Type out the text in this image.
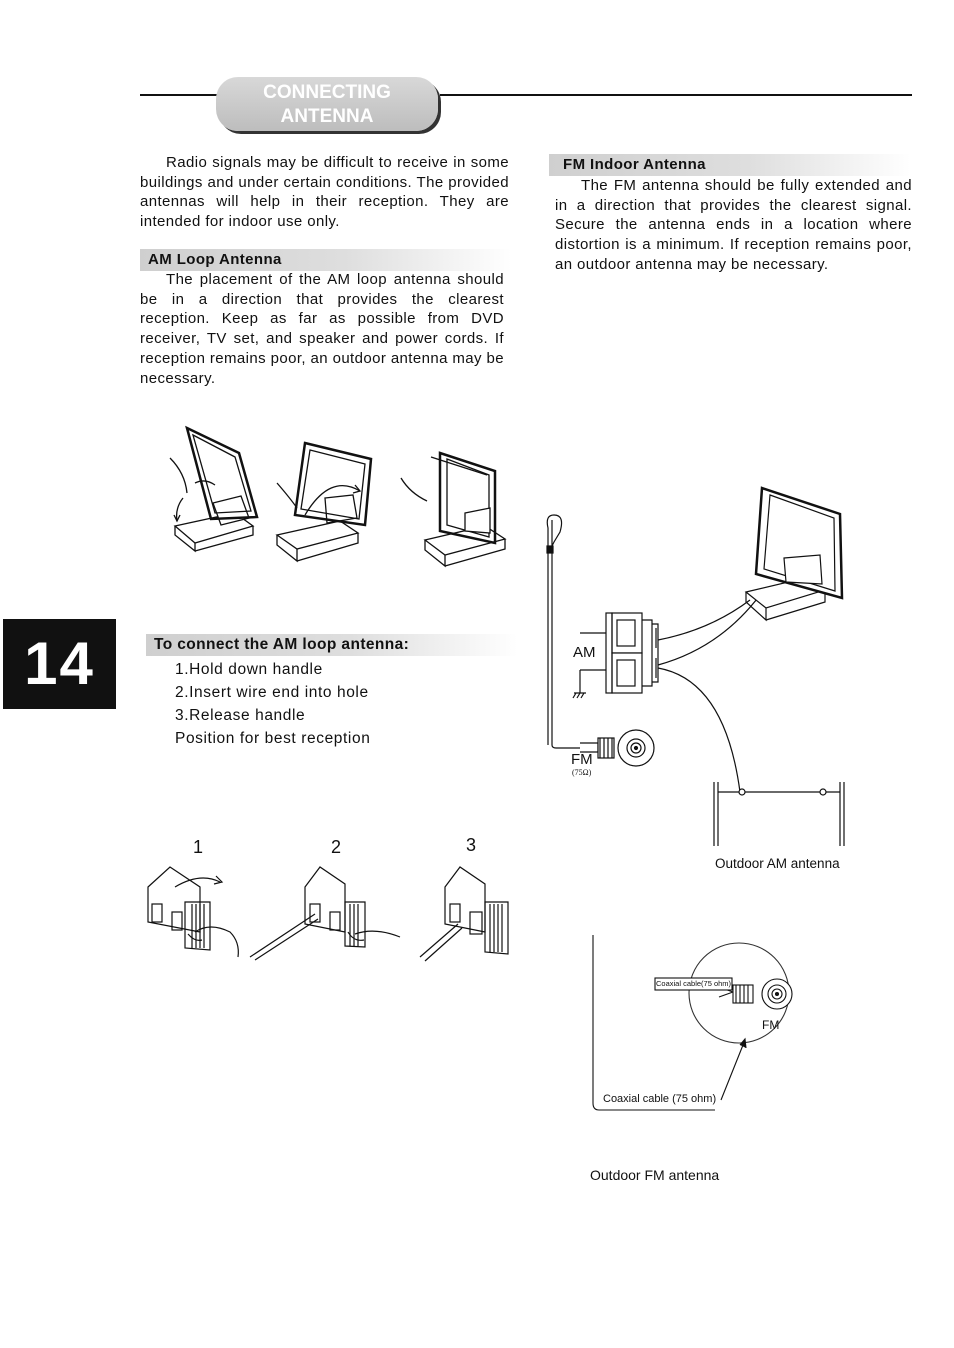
CONNECTING
ANTENNA
Radio signals may be difficult to receive in some buildings and under certain conditions. The provided antennas will help in their reception. They are intended for indoor use only.
AM Loop Antenna
The placement of the AM loop antenna should be in a direction that provides the clearest reception. Keep as far as possible from DVD receiver, TV set, and speaker and power cords. If reception remains poor, an outdoor antenna may be necessary.
FM Indoor Antenna
The FM antenna should be fully extended and in a direction that provides the clearest signal. Secure the antenna ends in a location where distortion is a minimum. If reception remains poor, an outdoor antenna may be necessary.
14	To connect the AM loop antenna:
1.Hold down handle
2.Insert wire end into hole
3.Release handle
Position for best reception
1	2	3
AM
FM
(75Ω)
Outdoor AM antenna
Coaxial cable(75 ohm)
FM
Coaxial cable (75 ohm)
Outdoor FM antenna
